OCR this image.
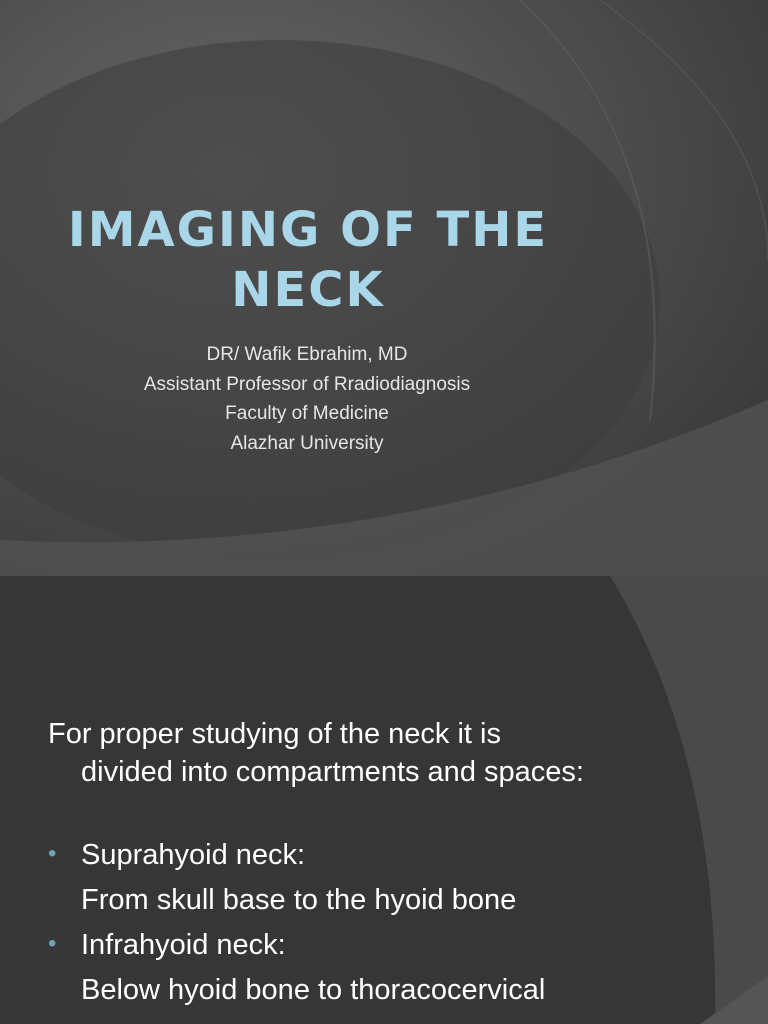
IMAGING OF THE NECK
DR/ Wafik Ebrahim, MD
Assistant Professor of Rradiodiagnosis
Faculty of Medicine
Alazhar University
For proper studying of the neck it is
divided into compartments and spaces:
• Suprahyoid neck:
From skull base to the hyoid bone
• Infrahyoid neck:
Below hyoid bone to thoracocervical
